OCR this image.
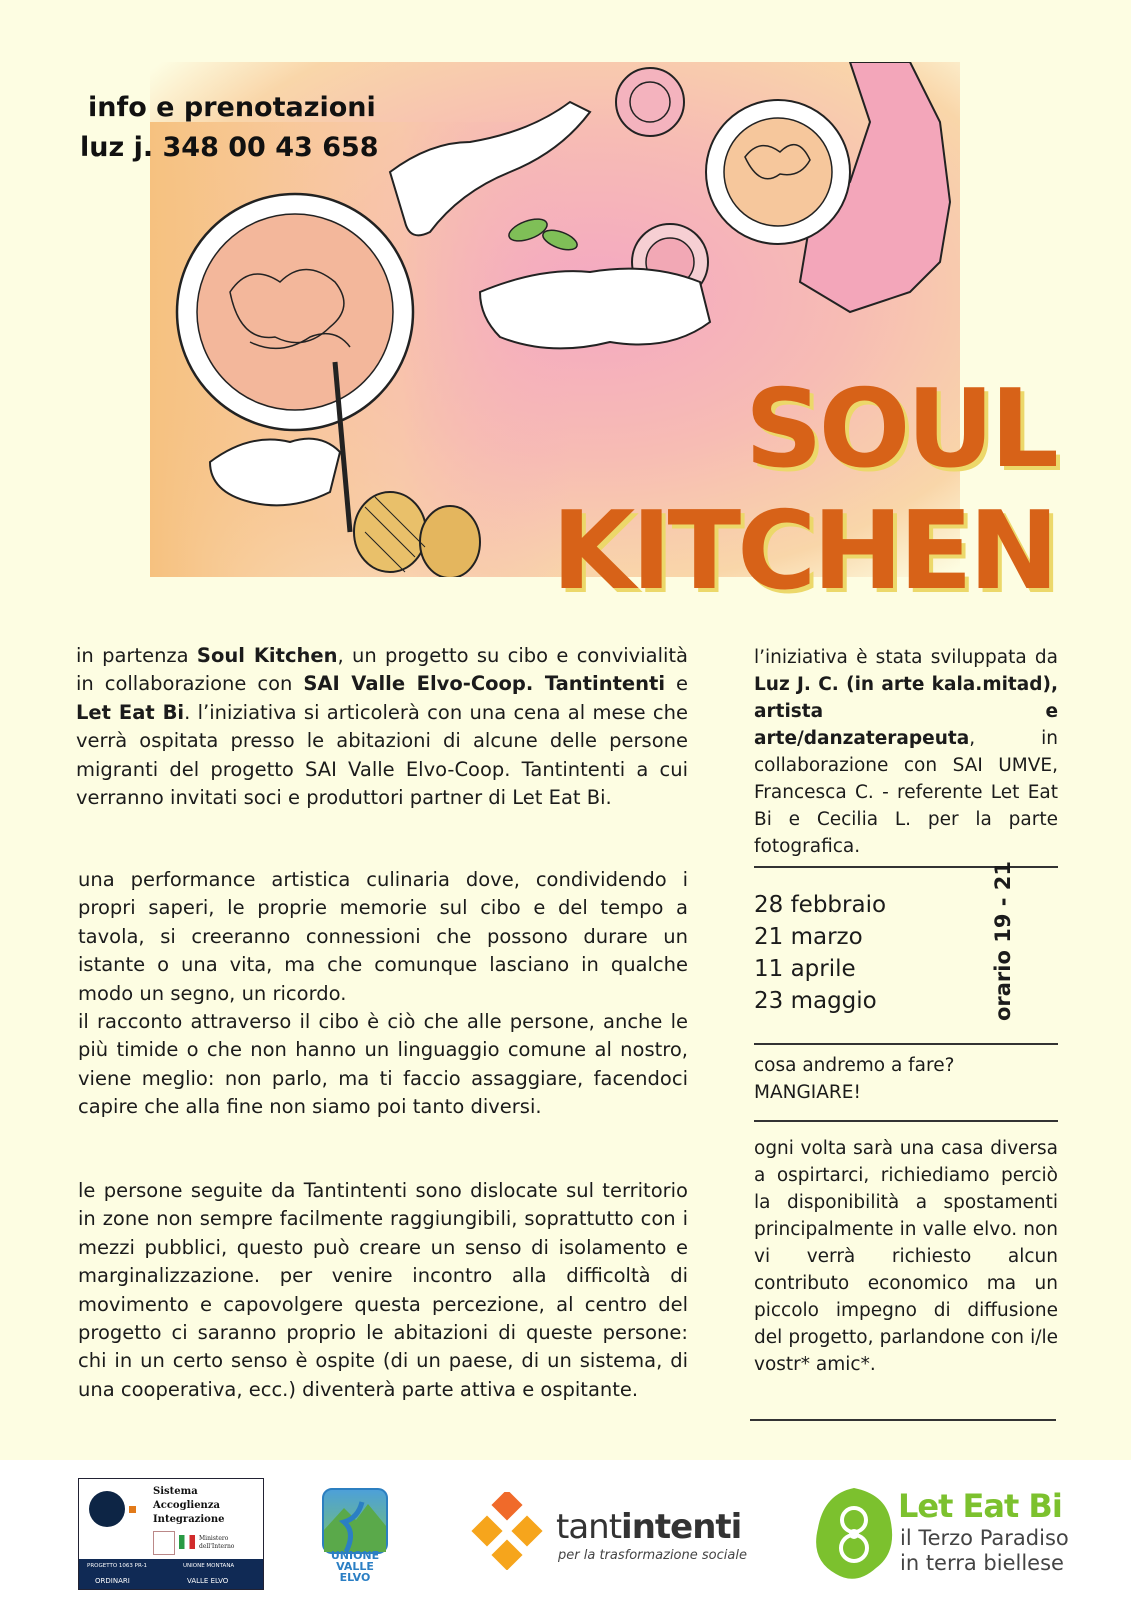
info e prenotazioni
luz j. 348 00 43 658
SOUL
KITCHEN

in partenza Soul Kitchen, un progetto su cibo e convivialità in collaborazione con SAI Valle Elvo-Coop. Tantintenti e Let Eat Bi. l’iniziativa si articolerà con una cena al mese che verrà ospitata presso le abitazioni di alcune delle persone migranti del progetto SAI Valle Elvo-Coop. Tantintenti a cui verranno invitati soci e produttori partner di Let Eat Bi.

una performance artistica culinaria dove, condividendo i propri saperi, le proprie memorie sul cibo e del tempo a tavola, si creeranno connessioni che possono durare un istante o una vita, ma che comunque lasciano in qualche modo un segno, un ricordo.

il racconto attraverso il cibo è ciò che alle persone, anche le più timide o che non hanno un linguaggio comune al nostro, viene meglio: non parlo, ma ti faccio assaggiare, facendoci capire che alla fine non siamo poi tanto diversi.

le persone seguite da Tantintenti sono dislocate sul territorio in zone non sempre facilmente raggiungibili, soprattutto con i mezzi pubblici, questo può creare un senso di isolamento e marginalizzazione. per venire incontro alla difficoltà di movimento e capovolgere questa percezione, al centro del progetto ci saranno proprio le abitazioni di queste persone: chi in un certo senso è ospite (di un paese, di un sistema, di una cooperativa, ecc.) diventerà parte attiva e ospitante.

l’iniziativa è stata sviluppata da Luz J. C. (in arte kala.mitad), artista e arte/danzaterapeuta, in collaborazione con SAI UMVE, Francesca C. - referente Let Eat Bi e Cecilia L. per la parte fotografica.

28 febbraio
21 marzo
11 aprile
23 maggio	orario 19 - 21
cosa andremo a fare?
MANGIARE!

ogni volta sarà una casa diversa a ospirtarci, richiediamo perciò la disponibilità a spostamenti principalmente in valle elvo. non vi verrà richiesto alcun contributo economico ma un piccolo impegno di diffusione del progetto, parlandone con i/le vostr* amic*.

Sistema
Accoglienza
Integrazione
Ministero
dell'Interno
PROGETTO 1063 PR-1	UNIONE MONTANA
ORDINARI	VALLE ELVO
UNIONE
VALLE
ELVO
tantintenti
per la trasformazione sociale
Let Eat Bi
il Terzo Paradiso
in terra biellese
